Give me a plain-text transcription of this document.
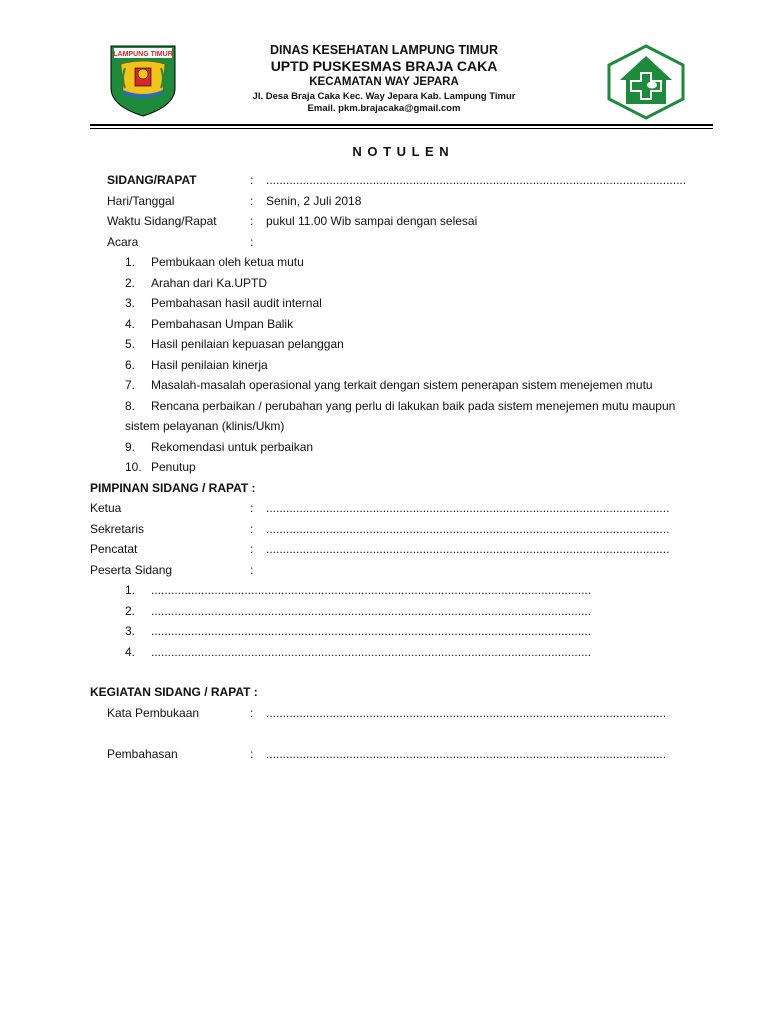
LAMPUNG TIMUR	DINAS KESEHATAN LAMPUNG TIMUR
UPTD PUSKESMAS BRAJA CAKA
KECAMATAN WAY JEPARA
Jl. Desa Braja Caka Kec. Way Jepara Kab. Lampung Timur
Email. pkm.brajacaka@gmail.com
N O T U L E N
SIDANG/RAPAT	: ..............................................................................................................................
Hari/Tanggal	: Senin, 2 Juli 2018
Waktu Sidang/Rapat	: pukul 11.00 Wib sampai dengan selesai
Acara	:
1. Pembukaan oleh ketua mutu
2. Arahan dari Ka.UPTD
3. Pembahasan hasil audit internal
4. Pembahasan Umpan Balik
5. Hasil penilaian kepuasan pelanggan
6. Hasil penilaian kinerja
7. Masalah-masalah operasional yang terkait dengan sistem penerapan sistem menejemen mutu
8. Rencana perbaikan / perubahan yang perlu di lakukan baik pada sistem menejemen mutu maupun
sistem pelayanan (klinis/Ukm)
9. Rekomendasi untuk perbaikan
10. Penutup
PIMPINAN SIDANG / RAPAT :
Ketua	: .........................................................................................................................
Sekretaris	: .........................................................................................................................
Pencatat	: .........................................................................................................................
Peserta Sidang	:
1. ....................................................................................................................................
2. ....................................................................................................................................
3. ....................................................................................................................................
4. ....................................................................................................................................
KEGIATAN SIDANG / RAPAT :
Kata Pembukaan	: ........................................................................................................................
Pembahasan	: ........................................................................................................................
